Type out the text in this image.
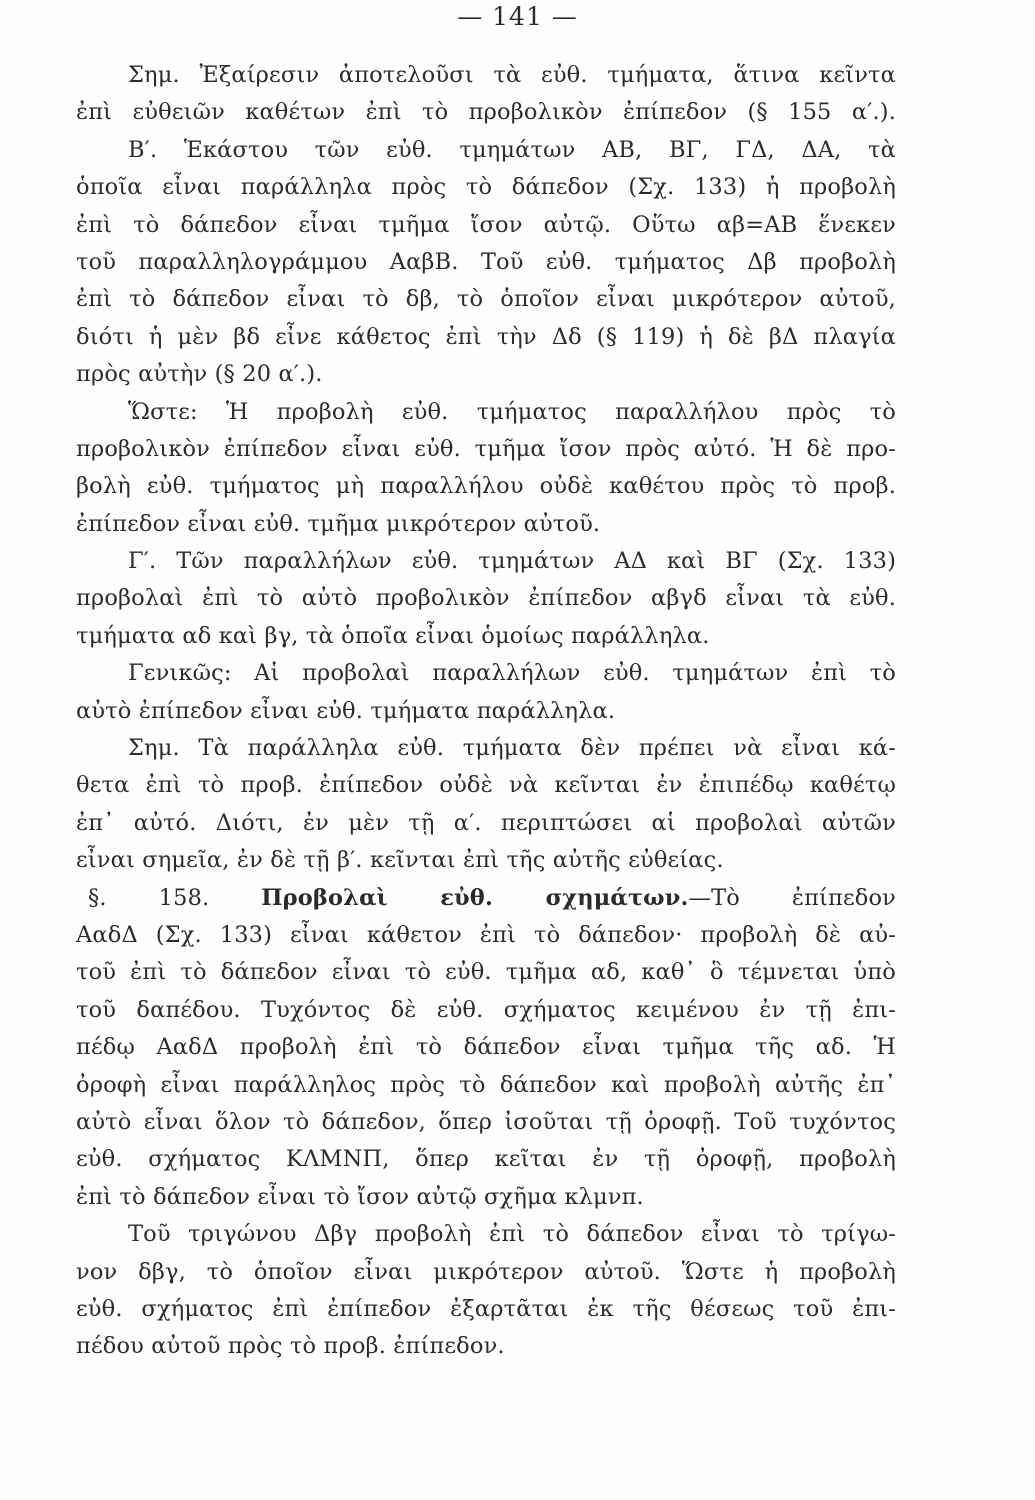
— 141 —
Σημ. Ἐξαίρεσιν ἀποτελοῦσι τὰ εὐθ. τμήματα, ἅτινα κεῖντα
ἐπὶ εὐθειῶν καθέτων ἐπὶ τὸ προβολικὸν ἐπίπεδον (§ 155 α′.).
Β′. Ἑκάστου τῶν εὐθ. τμημάτων ΑΒ, ΒΓ, ΓΔ, ΔΑ, τὰ
ὁποῖα εἶναι παράλληλα πρὸς τὸ δάπεδον (Σχ. 133) ἡ προβολὴ
ἐπὶ τὸ δάπεδον εἶναι τμῆμα ἴσον αὐτῷ. Οὕτω αβ=ΑΒ ἕνεκεν
τοῦ παραλληλογράμμου ΑαβΒ. Τοῦ εὐθ. τμήματος Δβ προβολὴ
ἐπὶ τὸ δάπεδον εἶναι τὸ δβ, τὸ ὁποῖον εἶναι μικρότερον αὐτοῦ,
διότι ἡ μὲν βδ εἶνε κάθετος ἐπὶ τὴν Δδ (§ 119) ἡ δὲ βΔ πλαγία
πρὸς αὐτὴν (§ 20 α′.).
Ὥστε: Ἡ προβολὴ εὐθ. τμήματος παραλλήλου πρὸς τὸ
προβολικὸν ἐπίπεδον εἶναι εὐθ. τμῆμα ἴσον πρὸς αὐτό. Ἡ δὲ προ-
βολὴ εὐθ. τμήματος μὴ παραλλήλου οὐδὲ καθέτου πρὸς τὸ προβ.
ἐπίπεδον εἶναι εὐθ. τμῆμα μικρότερον αὐτοῦ.
Γ′. Τῶν παραλλήλων εὐθ. τμημάτων ΑΔ καὶ ΒΓ (Σχ. 133)
προβολαὶ ἐπὶ τὸ αὐτὸ προβολικὸν ἐπίπεδον αβγδ εἶναι τὰ εὐθ.
τμήματα αδ καὶ βγ, τὰ ὁποῖα εἶναι ὁμοίως παράλληλα.
Γενικῶς: Αἱ προβολαὶ παραλλήλων εὐθ. τμημάτων ἐπὶ τὸ
αὐτὸ ἐπίπεδον εἶναι εὐθ. τμήματα παράλληλα.
Σημ. Τὰ παράλληλα εὐθ. τμήματα δὲν πρέπει νὰ εἶναι κά-
θετα ἐπὶ τὸ προβ. ἐπίπεδον οὐδὲ νὰ κεῖνται ἐν ἐπιπέδῳ καθέτῳ
ἐπ᾽ αὐτό. Διότι, ἐν μὲν τῇ α′. περιπτώσει αἱ προβολαὶ αὐτῶν
εἶναι σημεῖα, ἐν δὲ τῇ β′. κεῖνται ἐπὶ τῆς αὐτῆς εὐθείας.
§. 158. Προβολαὶ εὐθ. σχημάτων.—Τὸ ἐπίπεδον
ΑαδΔ (Σχ. 133) εἶναι κάθετον ἐπὶ τὸ δάπεδον· προβολὴ δὲ αὐ-
τοῦ ἐπὶ τὸ δάπεδον εἶναι τὸ εὐθ. τμῆμα αδ, καθ᾽ ὃ τέμνεται ὑπὸ
τοῦ δαπέδου. Τυχόντος δὲ εὐθ. σχήματος κειμένου ἐν τῇ ἐπι-
πέδῳ ΑαδΔ προβολὴ ἐπὶ τὸ δάπεδον εἶναι τμῆμα τῆς αδ. Ἡ
ὀροφὴ εἶναι παράλληλος πρὸς τὸ δάπεδον καὶ προβολὴ αὐτῆς ἐπ᾽
αὐτὸ εἶναι ὅλον τὸ δάπεδον, ὅπερ ἰσοῦται τῇ ὀροφῇ. Τοῦ τυχόντος
εὐθ. σχήματος ΚΛΜΝΠ, ὅπερ κεῖται ἐν τῇ ὀροφῇ, προβολὴ
ἐπὶ τὸ δάπεδον εἶναι τὸ ἴσον αὐτῷ σχῆμα κλμνπ.
Τοῦ τριγώνου Δβγ προβολὴ ἐπὶ τὸ δάπεδον εἶναι τὸ τρίγω-
νον δβγ, τὸ ὁποῖον εἶναι μικρότερον αὐτοῦ. Ὥστε ἡ προβολὴ
εὐθ. σχήματος ἐπὶ ἐπίπεδον ἐξαρτᾶται ἐκ τῆς θέσεως τοῦ ἐπι-
πέδου αὐτοῦ πρὸς τὸ προβ. ἐπίπεδον.
